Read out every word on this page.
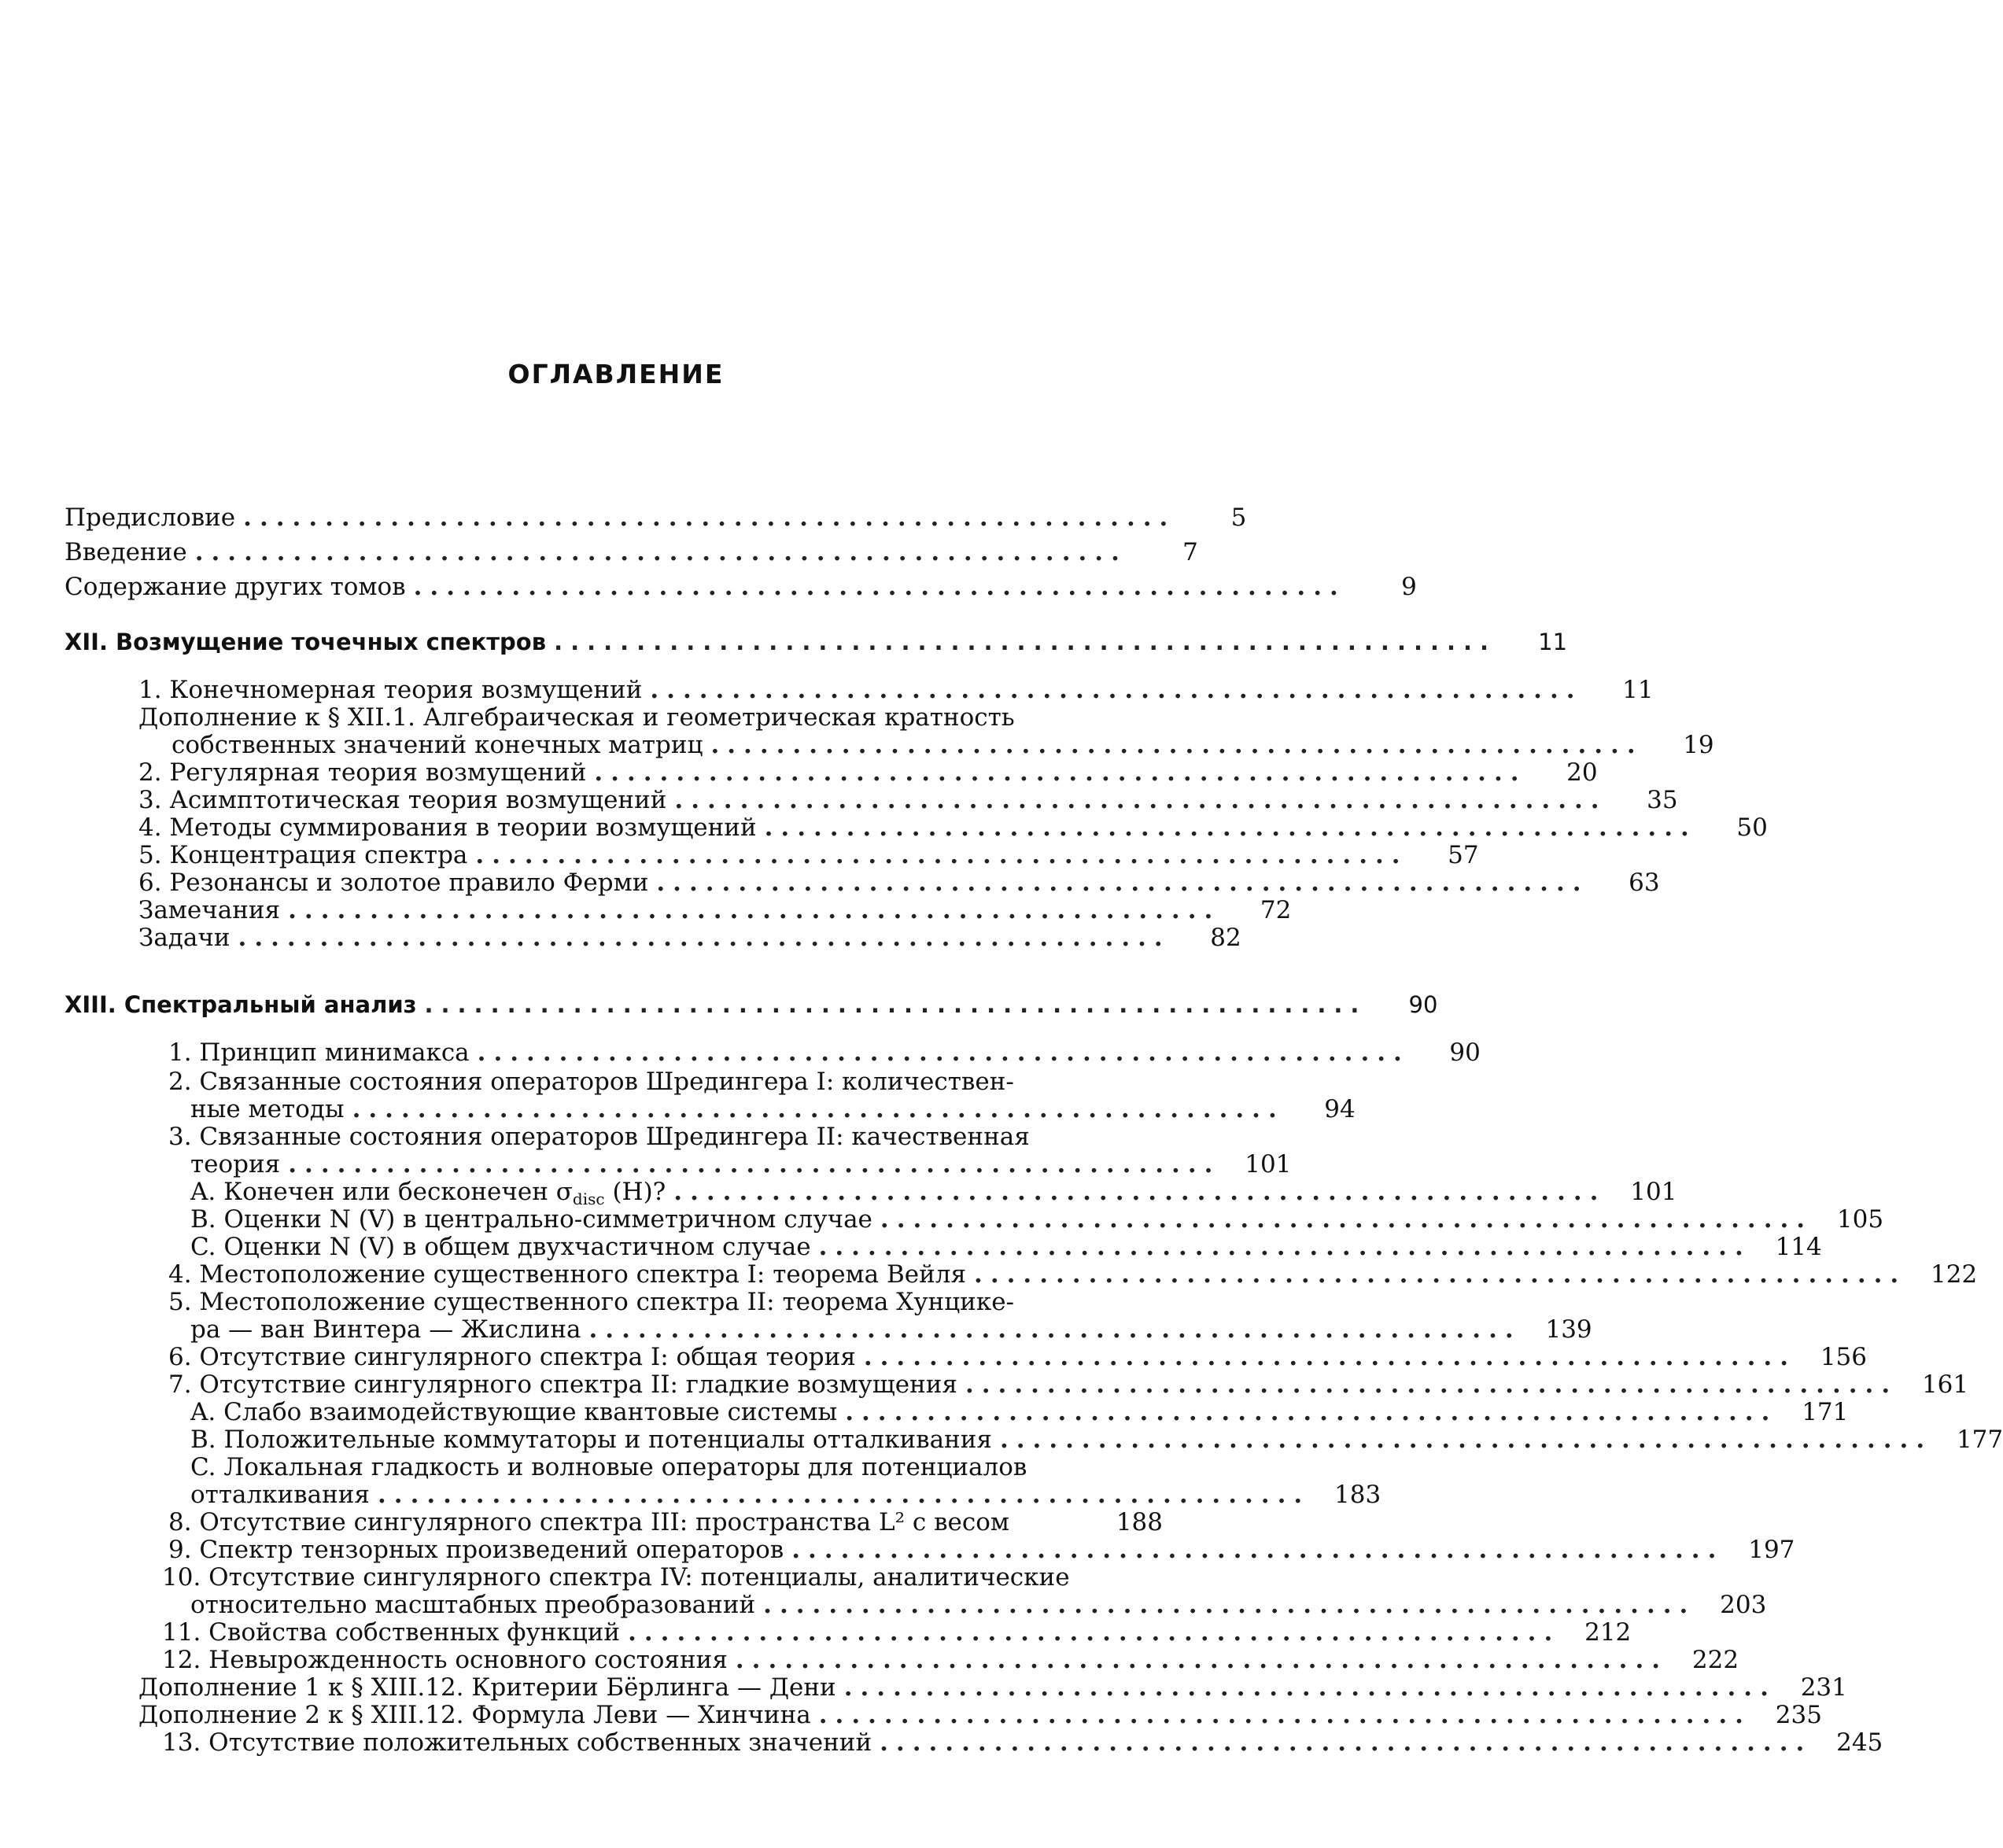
ОГЛАВЛЕНИЕ
Предисловие .........................................................	5
Введение .........................................................	7
Содержание других томов .........................................................	9
XII. Возмущение точечных спектров .........................................................	11
1. Конечномерная теория возмущений .........................................................	11
Дополнение к § XII.1. Алгебраическая и геометрическая кратность
собственных значений конечных матриц .........................................................	19
2. Регулярная теория возмущений .........................................................	20
3. Асимптотическая теория возмущений .........................................................	35
4. Методы суммирования в теории возмущений .........................................................	50
5. Концентрация спектра .........................................................	57
6. Резонансы и золотое правило Ферми .........................................................	63
Замечания .........................................................	72
Задачи .........................................................	82
XIII. Спектральный анализ .........................................................	90
1. Принцип минимакса .........................................................	90
2. Связанные состояния операторов Шредингера I: количествен-
ные методы .........................................................	94
3. Связанные состояния операторов Шредингера II: качественная
теория ......................................................... 101
A. Конечен или бесконечен σdisc (H)? ......................................................... 101
B. Оценки N (V) в центрально-симметричном случае ......................................................... 105
C. Оценки N (V) в общем двухчастичном случае ......................................................... 114
4. Местоположение существенного спектра I: теорема Вейля ......................................................... 122
5. Местоположение существенного спектра II: теорема Хунцике-
ра — ван Винтера — Жислина ......................................................... 139
6. Отсутствие сингулярного спектра I: общая теория ......................................................... 156
7. Отсутствие сингулярного спектра II: гладкие возмущения ......................................................... 161
A. Слабо взаимодействующие квантовые системы ......................................................... 171
B. Положительные коммутаторы и потенциалы отталкивания ......................................................... 177
C. Локальная гладкость и волновые операторы для потенциалов
отталкивания ......................................................... 183
8. Отсутствие сингулярного спектра III: пространства L² с весом	188
9. Спектр тензорных произведений операторов ......................................................... 197
10. Отсутствие сингулярного спектра IV: потенциалы, аналитические
относительно масштабных преобразований ......................................................... 203
11. Свойства собственных функций ......................................................... 212
12. Невырожденность основного состояния ......................................................... 222
Дополнение 1 к § XIII.12. Критерии Бёрлинга — Дени ......................................................... 231
Дополнение 2 к § XIII.12. Формула Леви — Хинчина ......................................................... 235
13. Отсутствие положительных собственных значений ......................................................... 245
